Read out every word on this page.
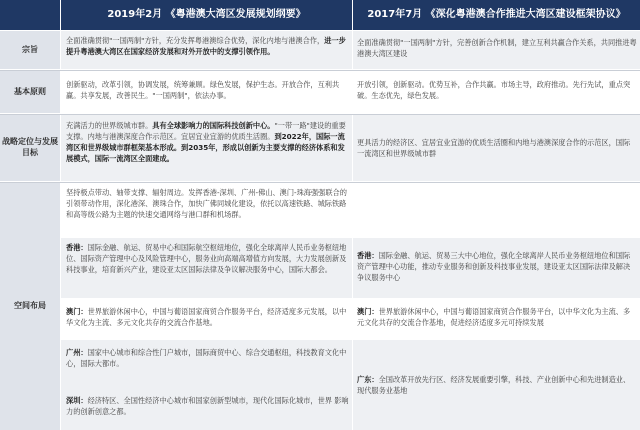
2019年2月 《粤港澳大湾区发展规划纲要》	2017年7月 《深化粤港澳合作推进大湾区建设框架协议》
宗旨
全面准确贯彻"一国两制"方针，充分发挥粤港澳综合优势，深化内地与港澳合作，进一步提升粤港澳大湾区在国家经济发展和对外开放中的支撑引领作用。
全面准确贯彻"一国两制"方针，完善创新合作机制，建立互利共赢合作关系，共同推进粤港澳大湾区建设
基本原则
创新驱动，改革引领，协调发展，统筹兼顾。绿色发展，保护生态。开放合作，互利共赢。共享发展，改善民生。"一国两制"，依法办事。
开放引领，创新驱动。优势互补，合作共赢。市场主导，政府推动。先行先试，重点突破。生态优先，绿色发展。
战略定位与发展目标
充满活力的世界级城市群。具有全球影响力的国际科技创新中心。"一带一路"建设的重要支撑。内地与港澳深度合作示范区。宜居宜业宜游的优质生活圈。到2022年，国际一流湾区和世界级城市群框架基本形成。到2035年，形成以创新为主要支撑的经济体系和发展模式，国际一流湾区全面建成。
更具活力的经济区、宜居宜业宜游的优质生活圈和内地与港澳深度合作的示范区，国际一流湾区和世界级城市群
空间布局
坚持极点带动、轴带支撑、辐射周边。发挥香港-深圳、广州-佛山、澳门-珠海强强联合的引领带动作用，深化港深、澳珠合作，加快广佛同城化建设，依托以高速铁路、城际铁路和高等级公路为主题的快速交通网络与港口群和机场群。
香港：国际金融、航运、贸易中心和国际航空枢纽地位，强化全球离岸人民币业务枢纽地位、国际资产管理中心及风险管理中心，服务业向高端高增值方向发展，大力发展创新及科技事业，培育新兴产业，建设亚太区国际法律及争议解决服务中心，国际大都会。
香港：国际金融、航运、贸易三大中心地位，强化全球离岸人民币业务枢纽地位和国际资产管理中心功能，推动专业服务和创新及科技事业发展，建设亚太区国际法律及解决争议服务中心
澳门：世界旅游休闲中心，中国与葡语国家商贸合作服务平台，经济适度多元发展，以中华文化为主流、多元文化共存的交流合作基地。
澳门：世界旅游休闲中心，中国与葡语国家商贸合作服务平台，以中华文化为主流、多元文化共存的交流合作基地，促进经济适度多元可持续发展
广州：国家中心城市和综合性门户城市，国际商贸中心、综合交通枢纽，科技教育文化中心，国际大都市。
广东：全国改革开放先行区、经济发展重要引擎，科技、产业创新中心和先进制造业、现代服务业基地
深圳：经济特区、全国性经济中心城市和国家创新型城市，现代化国际化城市，世界 影响力的创新创意之都。
